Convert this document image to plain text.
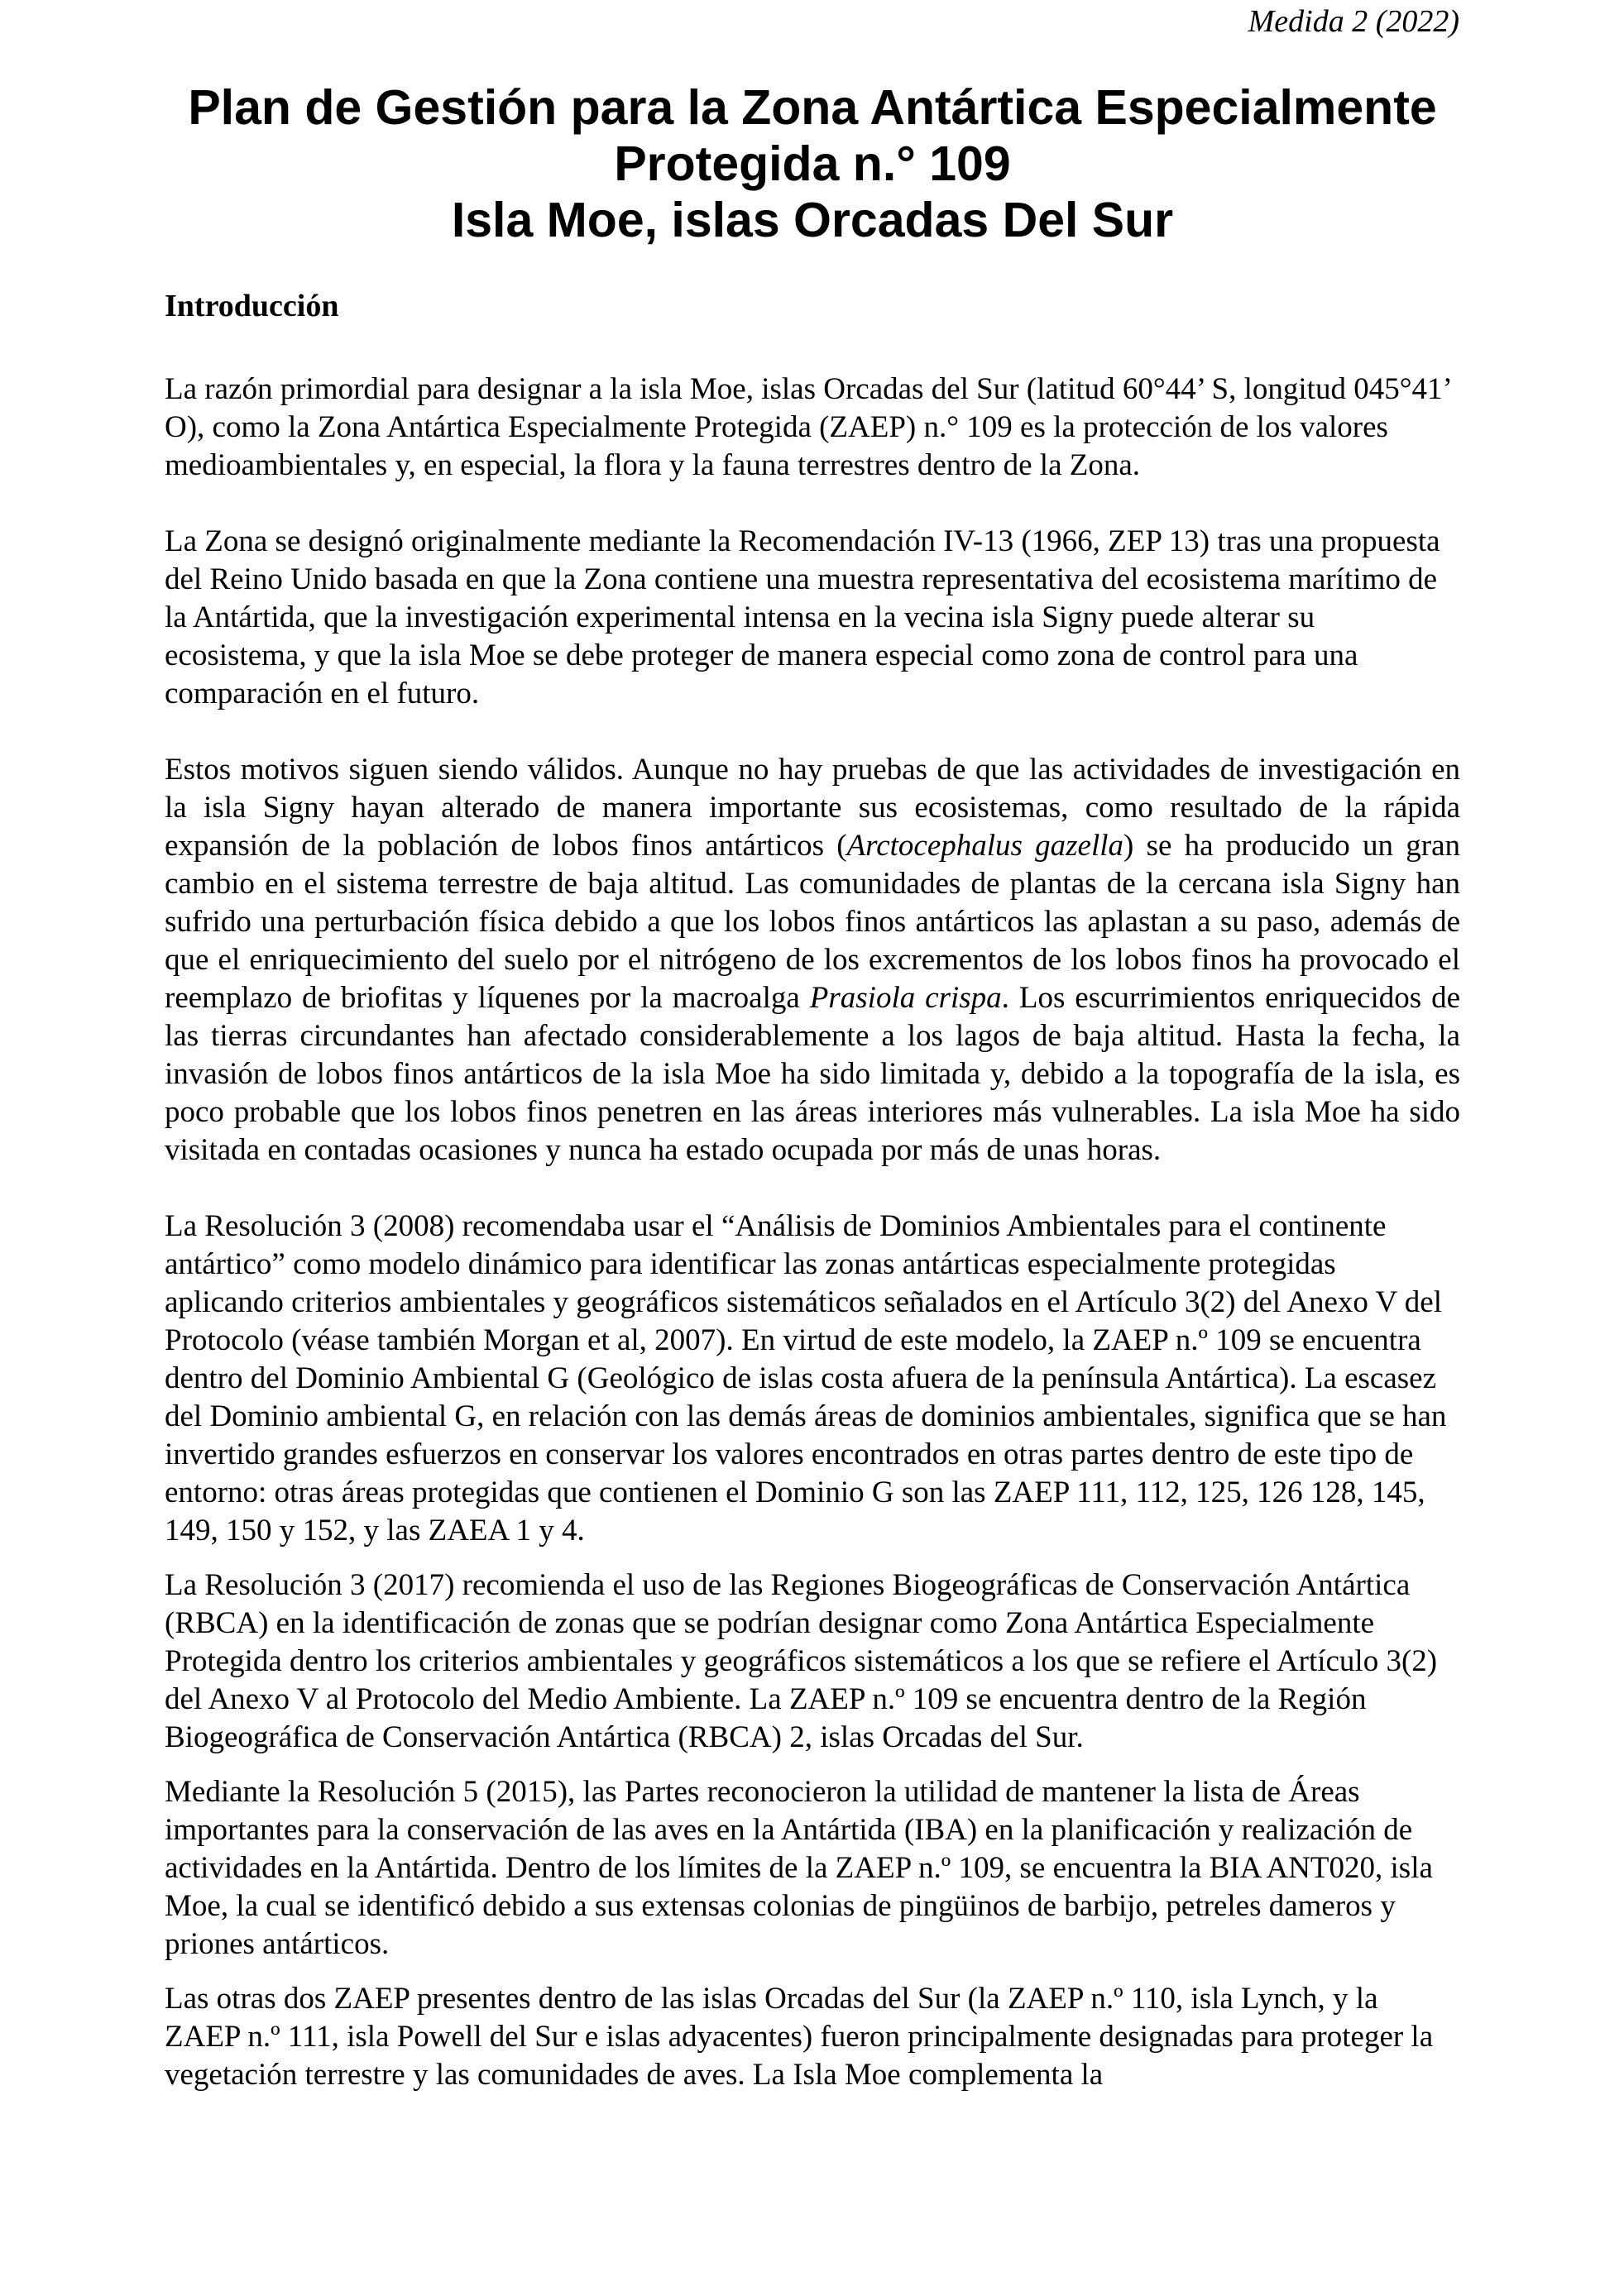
Medida 2 (2022)
Plan de Gestión para la Zona Antártica Especialmente
Protegida n.° 109
Isla Moe, islas Orcadas Del Sur
Introducción

La razón primordial para designar a la isla Moe, islas Orcadas del Sur (latitud 60°44’ S, longitud 045°41’ O), como la Zona Antártica Especialmente Protegida (ZAEP) n.° 109 es la protección de los valores medioambientales y, en especial, la flora y la fauna terrestres dentro de la Zona.

La Zona se designó originalmente mediante la Recomendación IV-13 (1966, ZEP 13) tras una propuesta del Reino Unido basada en que la Zona contiene una muestra representativa del ecosistema marítimo de la Antártida, que la investigación experimental intensa en la vecina isla Signy puede alterar su ecosistema, y que la isla Moe se debe proteger de manera especial como zona de control para una comparación en el futuro.

Estos motivos siguen siendo válidos. Aunque no hay pruebas de que las actividades de investigación en la isla Signy hayan alterado de manera importante sus ecosistemas, como resultado de la rápida expansión de la población de lobos finos antárticos (Arctocephalus gazella) se ha producido un gran cambio en el sistema terrestre de baja altitud. Las comunidades de plantas de la cercana isla Signy han sufrido una perturbación física debido a que los lobos finos antárticos las aplastan a su paso, además de que el enriquecimiento del suelo por el nitrógeno de los excrementos de los lobos finos ha provocado el reemplazo de briofitas y líquenes por la macroalga Prasiola crispa. Los escurrimientos enriquecidos de las tierras circundantes han afectado considerablemente a los lagos de baja altitud. Hasta la fecha, la invasión de lobos finos antárticos de la isla Moe ha sido limitada y, debido a la topografía de la isla, es poco probable que los lobos finos penetren en las áreas interiores más vulnerables. La isla Moe ha sido visitada en contadas ocasiones y nunca ha estado ocupada por más de unas horas.

La Resolución 3 (2008) recomendaba usar el “Análisis de Dominios Ambientales para el continente antártico” como modelo dinámico para identificar las zonas antárticas especialmente protegidas aplicando criterios ambientales y geográficos sistemáticos señalados en el Artículo 3(2) del Anexo V del Protocolo (véase también Morgan et al, 2007). En virtud de este modelo, la ZAEP n.º 109 se encuentra dentro del Dominio Ambiental G (Geológico de islas costa afuera de la península Antártica). La escasez del Dominio ambiental G, en relación con las demás áreas de dominios ambientales, significa que se han invertido grandes esfuerzos en conservar los valores encontrados en otras partes dentro de este tipo de entorno: otras áreas protegidas que contienen el Dominio G son las ZAEP 111, 112, 125, 126 128, 145, 149, 150 y 152, y las ZAEA 1 y 4.

La Resolución 3 (2017) recomienda el uso de las Regiones Biogeográficas de Conservación Antártica (RBCA) en la identificación de zonas que se podrían designar como Zona Antártica Especialmente Protegida dentro los criterios ambientales y geográficos sistemáticos a los que se refiere el Artículo 3(2) del Anexo V al Protocolo del Medio Ambiente. La ZAEP n.º 109 se encuentra dentro de la Región Biogeográfica de Conservación Antártica (RBCA) 2, islas Orcadas del Sur.

Mediante la Resolución 5 (2015), las Partes reconocieron la utilidad de mantener la lista de Áreas importantes para la conservación de las aves en la Antártida (IBA) en la planificación y realización de actividades en la Antártida. Dentro de los límites de la ZAEP n.º 109, se encuentra la BIA ANT020, isla Moe, la cual se identificó debido a sus extensas colonias de pingüinos de barbijo, petreles dameros y priones antárticos.

Las otras dos ZAEP presentes dentro de las islas Orcadas del Sur (la ZAEP n.º 110, isla Lynch, y la ZAEP n.º 111, isla Powell del Sur e islas adyacentes) fueron principalmente designadas para proteger la vegetación terrestre y las comunidades de aves. La Isla Moe complementa la
